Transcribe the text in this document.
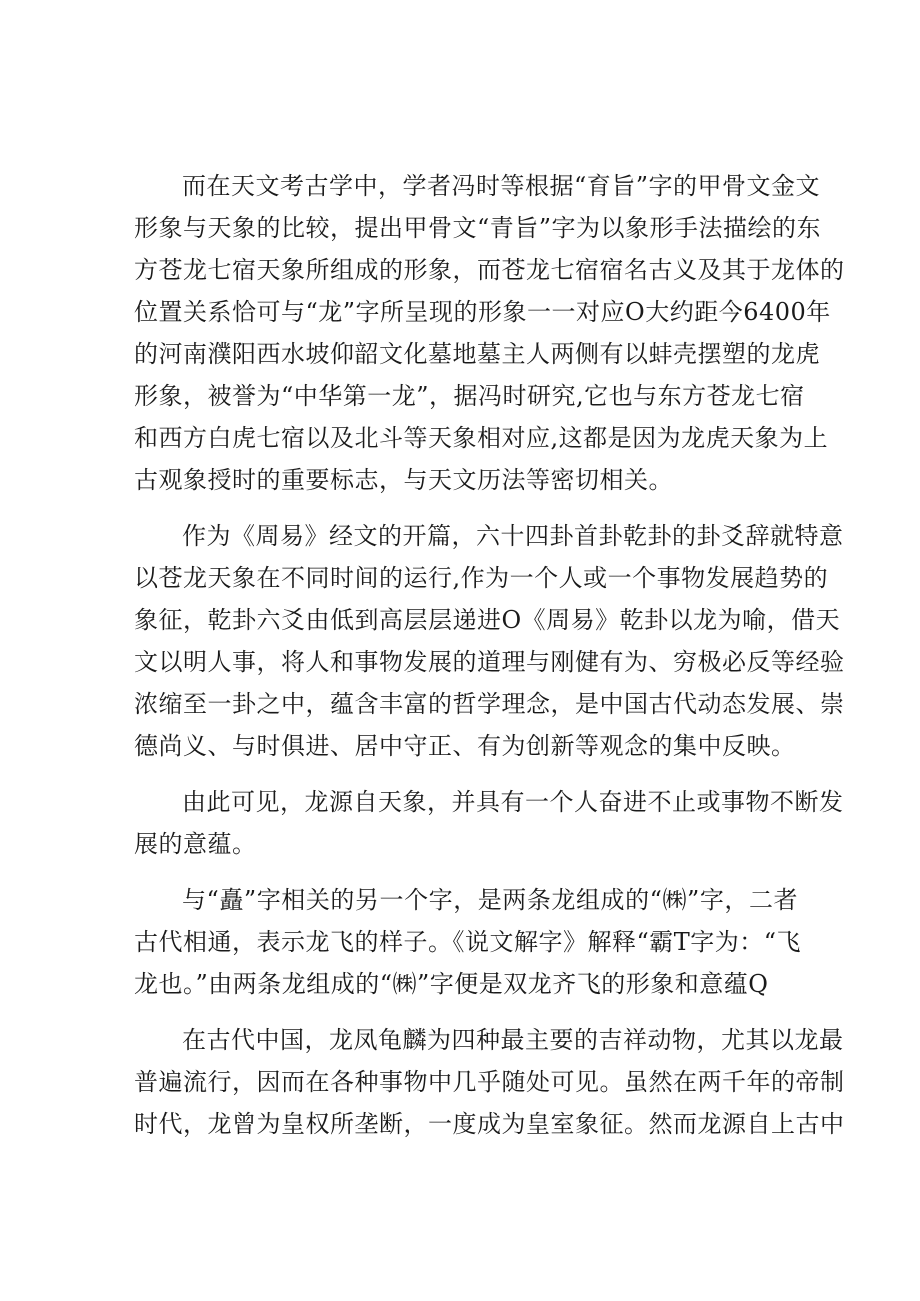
而在天文考古学中，学者冯时等根据“育旨”字的甲骨文金文
形象与天象的比较，提出甲骨文“青旨”字为以象形手法描绘的东
方苍龙七宿天象所组成的形象，而苍龙七宿宿名古义及其于龙体的
位置关系恰可与“龙”字所呈现的形象一一对应O大约距今6400年
的河南濮阳西水坡仰韶文化墓地墓主人两侧有以蚌壳摆塑的龙虎
形象，被誉为“中华第一龙”，据冯时研究,它也与东方苍龙七宿
和西方白虎七宿以及北斗等天象相对应,这都是因为龙虎天象为上
古观象授时的重要标志，与天文历法等密切相关。
作为《周易》经文的开篇，六十四卦首卦乾卦的卦爻辞就特意
以苍龙天象在不同时间的运行,作为一个人或一个事物发展趋势的
象征，乾卦六爻由低到高层层递进O《周易》乾卦以龙为喻，借天
文以明人事，将人和事物发展的道理与刚健有为、穷极必反等经验
浓缩至一卦之中，蕴含丰富的哲学理念，是中国古代动态发展、崇
德尚义、与时俱进、居中守正、有为创新等观念的集中反映。
由此可见，龙源自天象，并具有一个人奋进不止或事物不断发
展的意蕴。
与“矗”字相关的另一个字，是两条龙组成的“㈱”字，二者
古代相通，表示龙飞的样子。《说文解字》解释“霸T字为：“飞
龙也。”由两条龙组成的“㈱”字便是双龙齐飞的形象和意蕴Q
在古代中国，龙凤龟麟为四种最主要的吉祥动物，尤其以龙最
普遍流行，因而在各种事物中几乎随处可见。虽然在两千年的帝制
时代，龙曾为皇权所垄断，一度成为皇室象征。然而龙源自上古中
